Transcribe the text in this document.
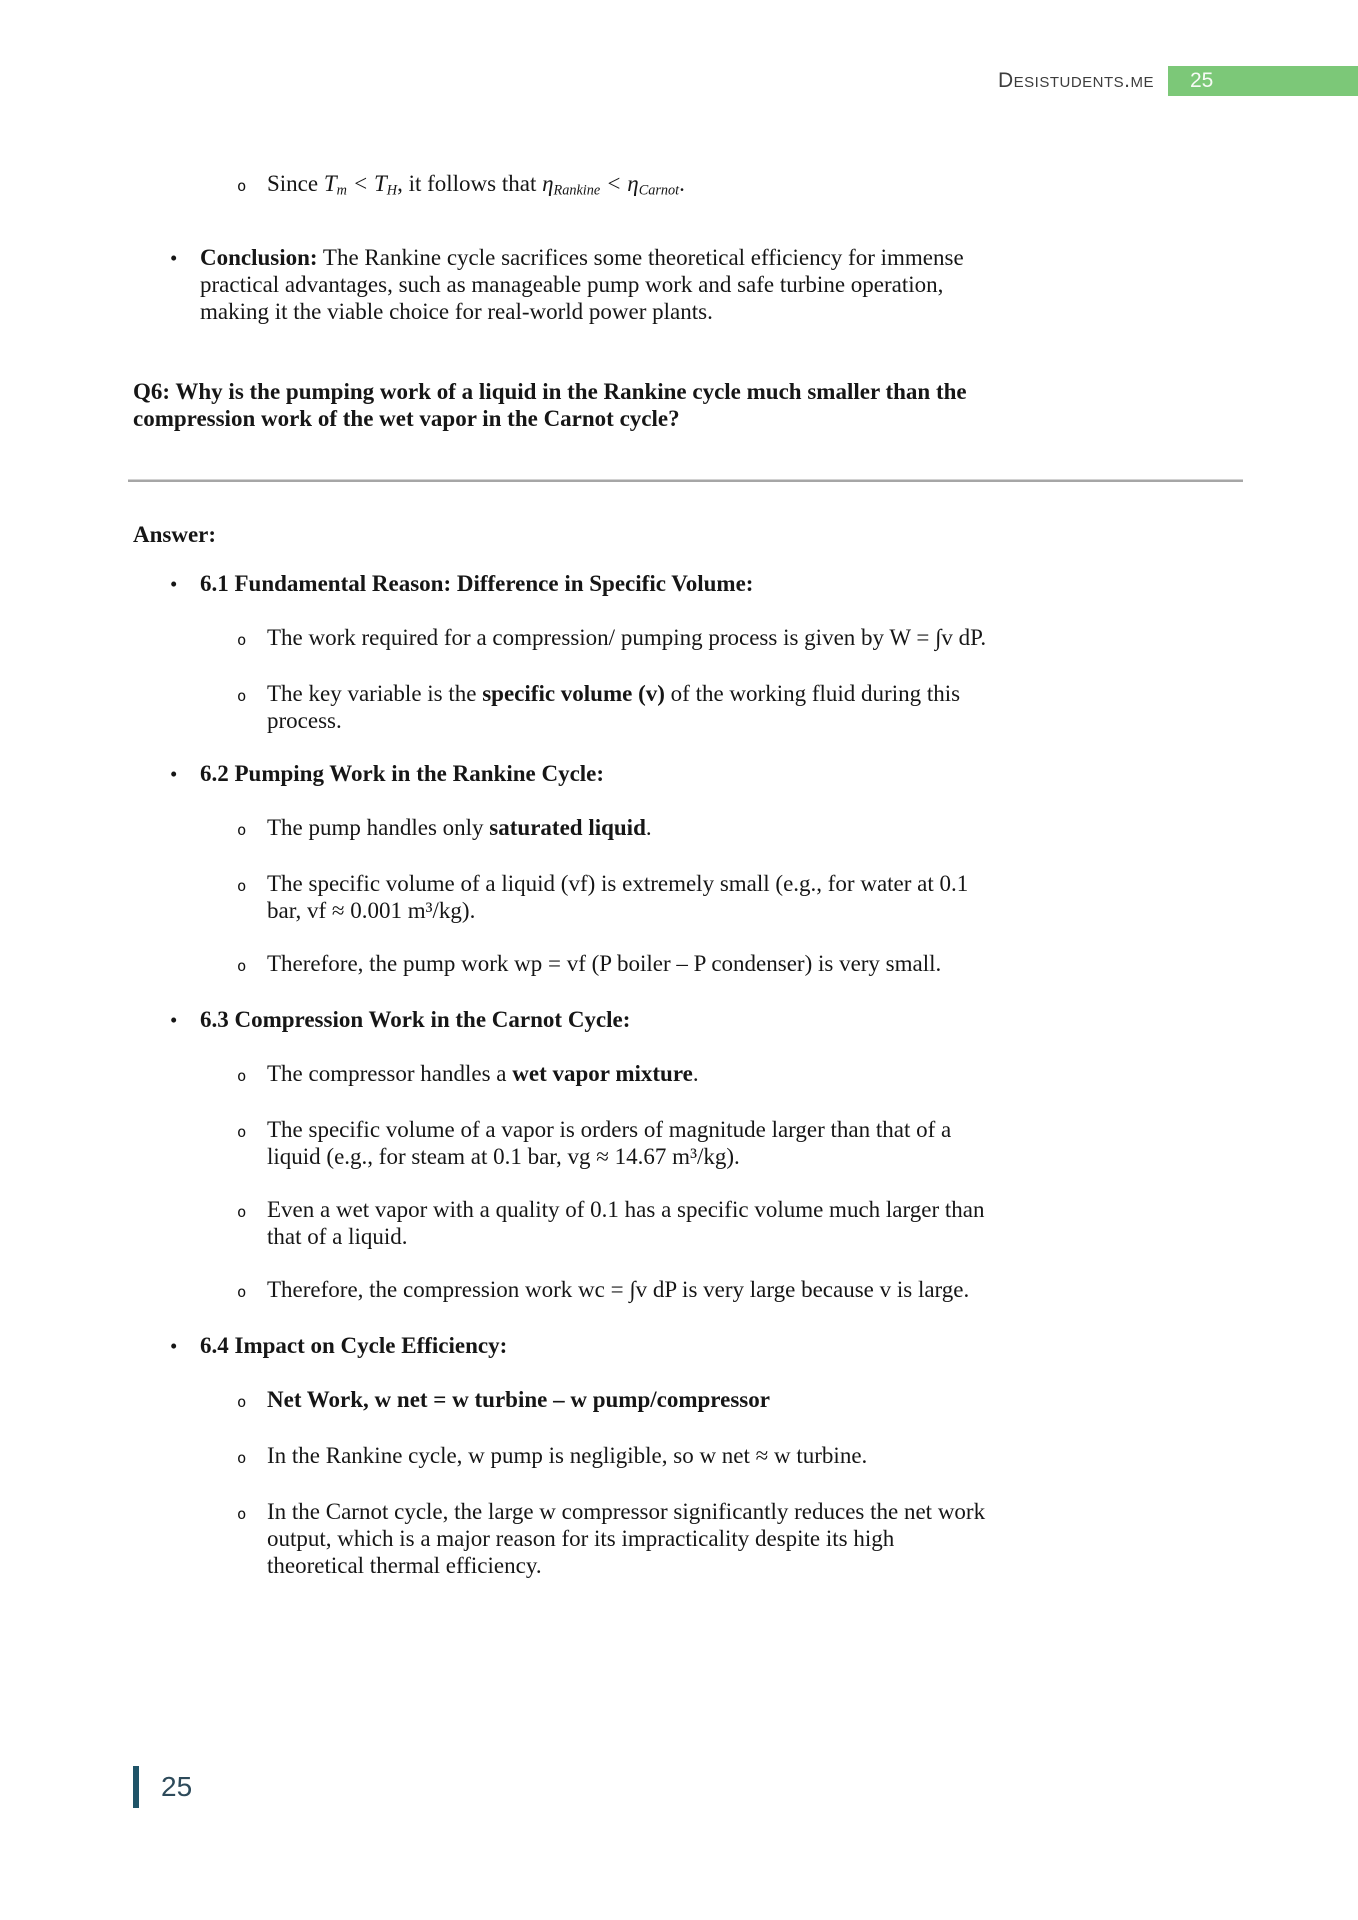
Desistudents.me	25
o Since Tm < TH, it follows that ηRankine < ηCarnot.
• Conclusion: The Rankine cycle sacrifices some theoretical efficiency for immense
practical advantages, such as manageable pump work and safe turbine operation,
making it the viable choice for real-world power plants.
Q6: Why is the pumping work of a liquid in the Rankine cycle much smaller than the
compression work of the wet vapor in the Carnot cycle?
Answer:
• 6.1 Fundamental Reason: Difference in Specific Volume:
o The work required for a compression/ pumping process is given by W = ∫v dP.
o The key variable is the specific volume (v) of the working fluid during this
process.
• 6.2 Pumping Work in the Rankine Cycle:
o The pump handles only saturated liquid.
o The specific volume of a liquid (vf) is extremely small (e.g., for water at 0.1
bar, vf ≈ 0.001 m³/kg).
o Therefore, the pump work wp = vf (P boiler – P condenser) is very small.
• 6.3 Compression Work in the Carnot Cycle:
o The compressor handles a wet vapor mixture.
o The specific volume of a vapor is orders of magnitude larger than that of a
liquid (e.g., for steam at 0.1 bar, vg ≈ 14.67 m³/kg).
o Even a wet vapor with a quality of 0.1 has a specific volume much larger than
that of a liquid.
o Therefore, the compression work wc = ∫v dP is very large because v is large.
• 6.4 Impact on Cycle Efficiency:
o Net Work, w net = w turbine – w pump/compressor
o In the Rankine cycle, w pump is negligible, so w net ≈ w turbine.
o In the Carnot cycle, the large w compressor significantly reduces the net work
output, which is a major reason for its impracticality despite its high
theoretical thermal efficiency.
25
